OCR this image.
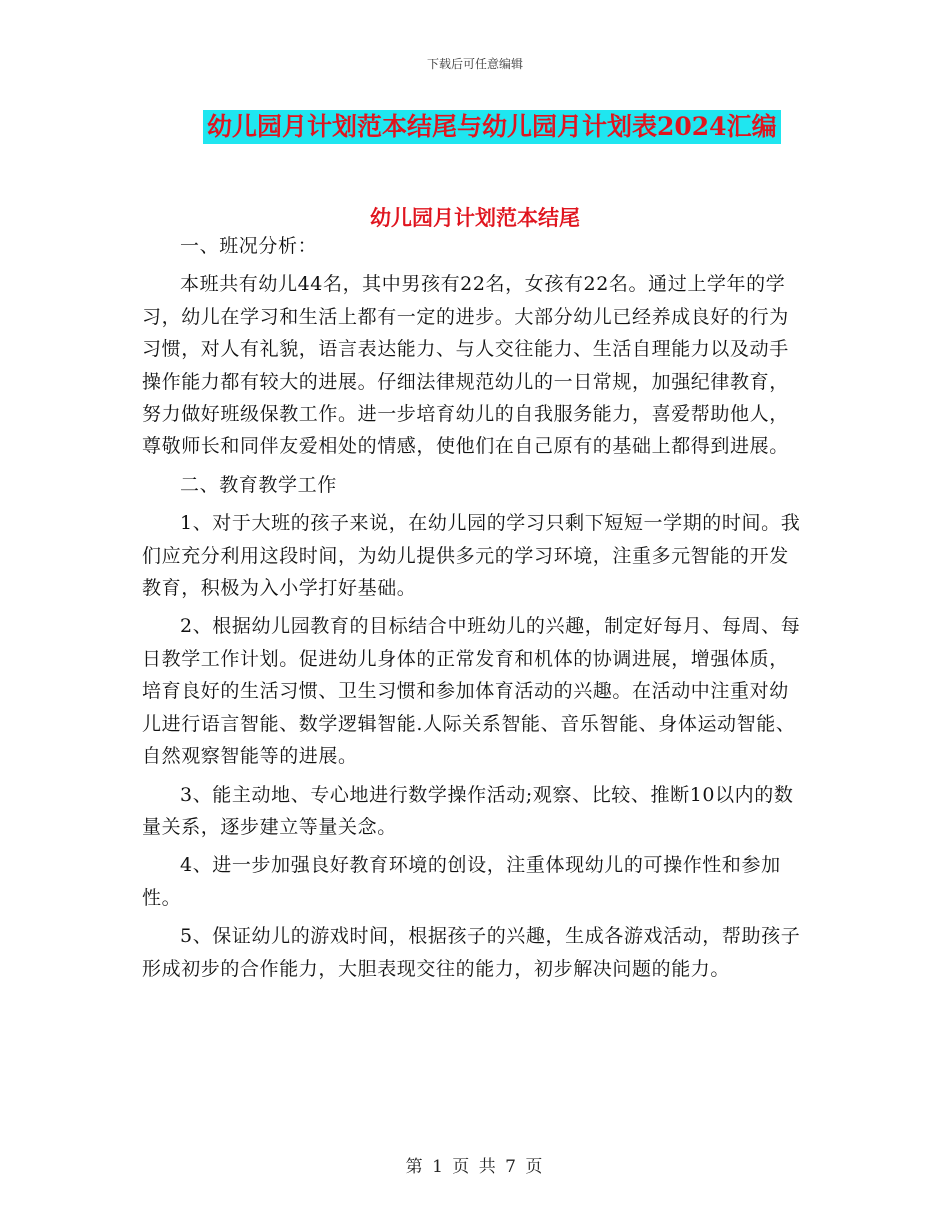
下载后可任意编辑
幼儿园月计划范本结尾与幼儿园月计划表2024汇编
幼儿园月计划范本结尾

一、班况分析：

本班共有幼儿44名，其中男孩有22名，女孩有22名。通过上学年的学习，幼儿在学习和生活上都有一定的进步。大部分幼儿已经养成良好的行为习惯，对人有礼貌，语言表达能力、与人交往能力、生活自理能力以及动手操作能力都有较大的进展。仔细法律规范幼儿的一日常规，加强纪律教育，努力做好班级保教工作。进一步培育幼儿的自我服务能力，喜爱帮助他人，尊敬师长和同伴友爱相处的情感，使他们在自己原有的基础上都得到进展。

二、教育教学工作

1、对于大班的孩子来说，在幼儿园的学习只剩下短短一学期的时间。我们应充分利用这段时间，为幼儿提供多元的学习环境，注重多元智能的开发教育，积极为入小学打好基础。

2、根据幼儿园教育的目标结合中班幼儿的兴趣，制定好每月、每周、每日教学工作计划。促进幼儿身体的正常发育和机体的协调进展，增强体质，培育良好的生活习惯、卫生习惯和参加体育活动的兴趣。在活动中注重对幼儿进行语言智能、数学逻辑智能.人际关系智能、音乐智能、身体运动智能、自然观察智能等的进展。

3、能主动地、专心地进行数学操作活动;观察、比较、推断10以内的数量关系，逐步建立等量关念。

4、进一步加强良好教育环境的创设，注重体现幼儿的可操作性和参加性。

5、保证幼儿的游戏时间，根据孩子的兴趣，生成各游戏活动，帮助孩子形成初步的合作能力，大胆表现交往的能力，初步解决问题的能力。

第 1 页 共 7 页
